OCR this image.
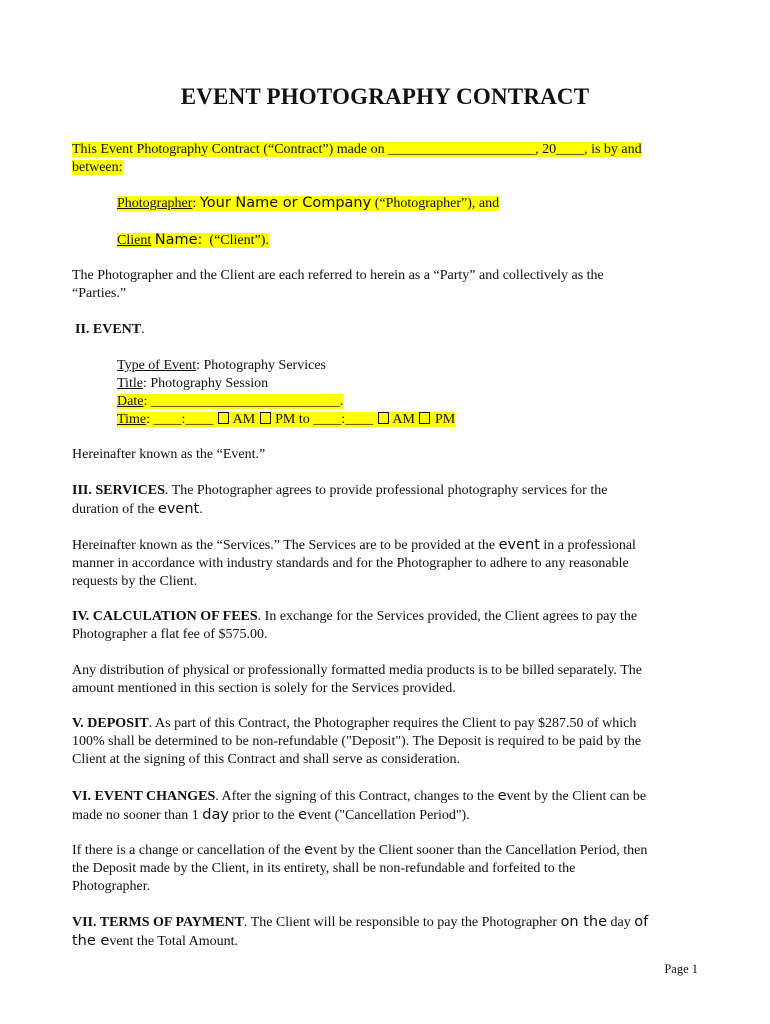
EVENT PHOTOGRAPHY CONTRACT
This Event Photography Contract (“Contract”) made on _____________________, 20____, is by and
between:
Photographer: Your Name or Company (“Photographer”), and
Client Name:  (“Client”).
The Photographer and the Client are each referred to herein as a “Party” and collectively as the
“Parties.”
II. EVENT.
Type of Event: Photography Services
Title: Photography Session
Date: ___________________________.
Time: ____:____  AM PM to ____:____  AM PM
Hereinafter known as the “Event.”
III. SERVICES. The Photographer agrees to provide professional photography services for the
duration of the event.
Hereinafter known as the “Services.” The Services are to be provided at the event in a professional
manner in accordance with industry standards and for the Photographer to adhere to any reasonable
requests by the Client.
IV. CALCULATION OF FEES. In exchange for the Services provided, the Client agrees to pay the
Photographer a flat fee of $575.00.
Any distribution of physical or professionally formatted media products is to be billed separately. The
amount mentioned in this section is solely for the Services provided.
V. DEPOSIT. As part of this Contract, the Photographer requires the Client to pay $287.50 of which
100% shall be determined to be non-refundable ("Deposit"). The Deposit is required to be paid by the
Client at the signing of this Contract and shall serve as consideration.
VI. EVENT CHANGES. After the signing of this Contract, changes to the event by the Client can be
made no sooner than 1 day prior to the event ("Cancellation Period").
If there is a change or cancellation of the event by the Client sooner than the Cancellation Period, then
the Deposit made by the Client, in its entirety, shall be non-refundable and forfeited to the
Photographer.
VII. TERMS OF PAYMENT. The Client will be responsible to pay the Photographer on the day of
the event the Total Amount.
Page 1
